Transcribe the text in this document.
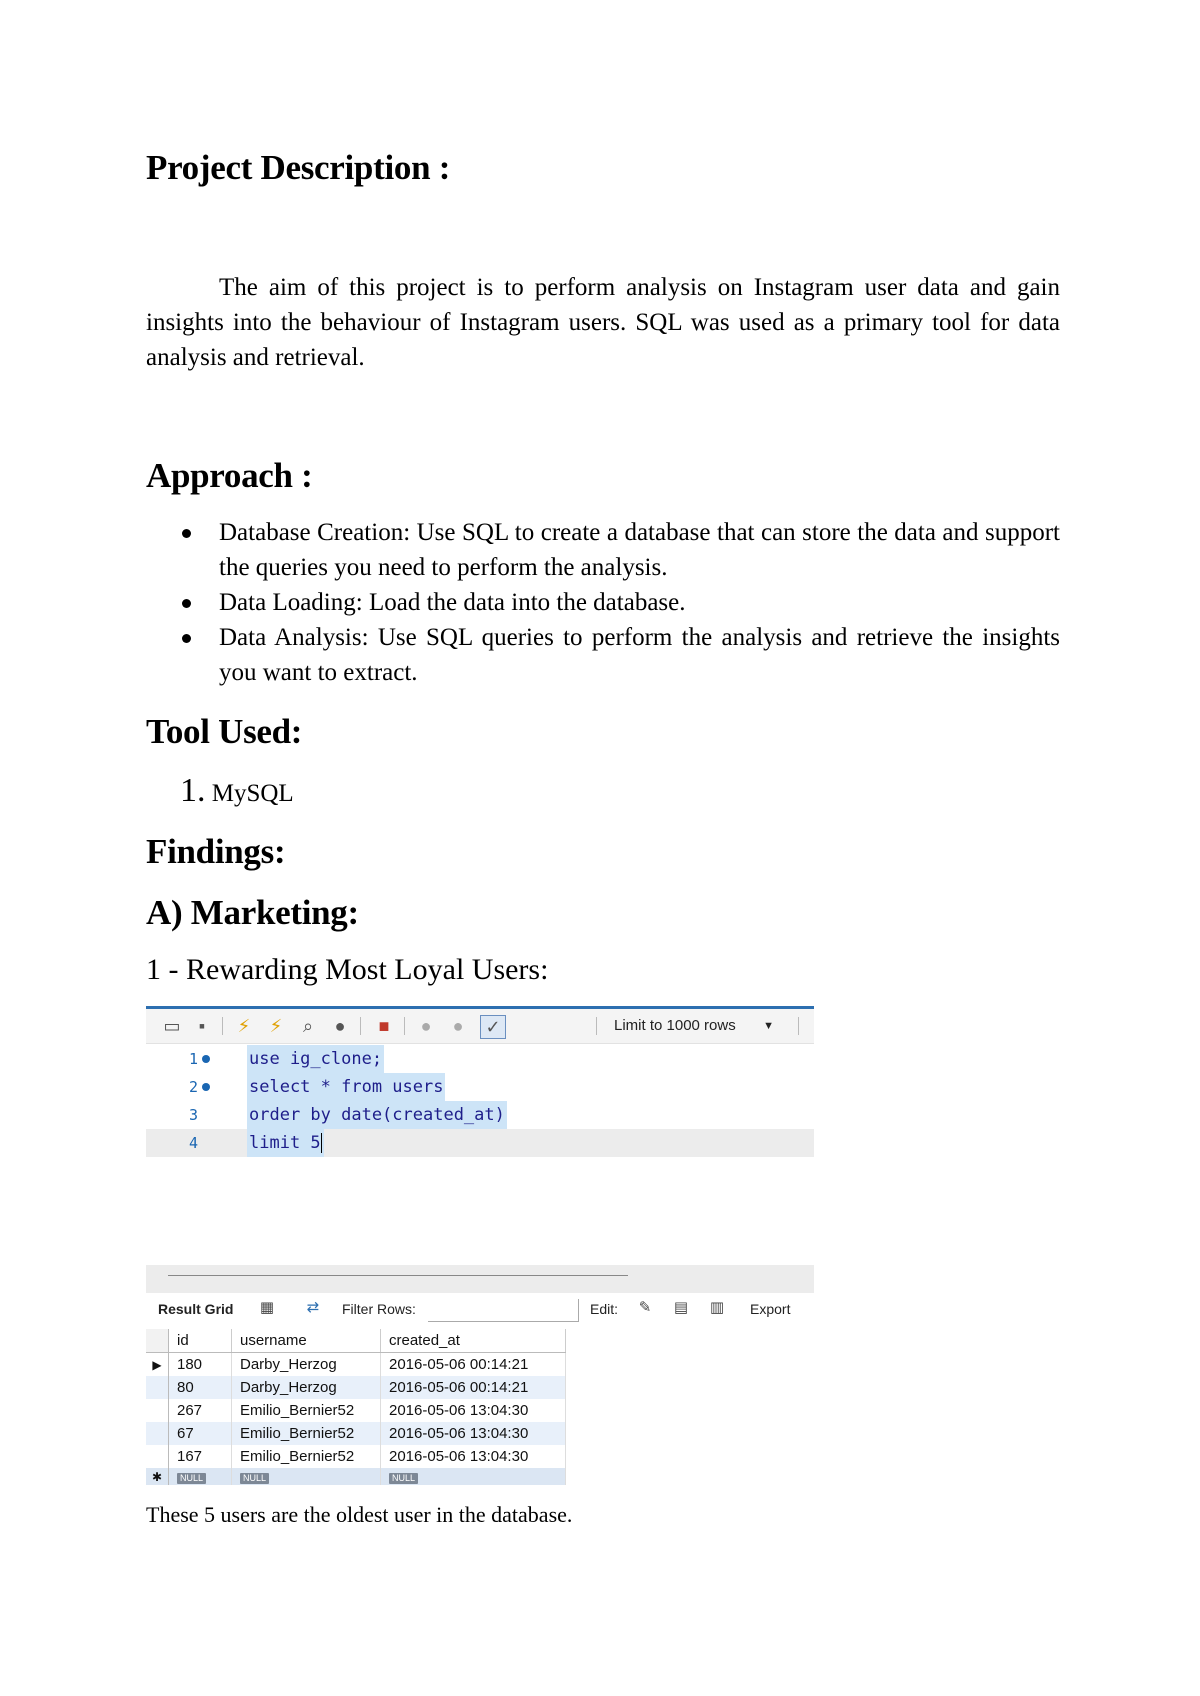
Project Description :
The aim of this project is to perform analysis on Instagram user data and gain insights into the behaviour of Instagram users. SQL was used as a primary tool for data analysis and retrieval.
Approach :
Database Creation: Use SQL to create a database that can store the data and support the queries you need to perform the analysis.
Data Loading: Load the data into the database.
Data Analysis: Use SQL queries to perform the analysis and retrieve the insights you want to extract.
Tool Used:
1. MySQL
Findings:
A) Marketing:
1 - Rewarding Most Loyal Users:
▭	▪	⚡	⚡	⌕	●	■	●	●	✓	Limit to 1000 rows ▼
1	use ig_clone;
2	select * from users
3	order by date(created_at)
4	limit 5
Result Grid ▦	⇄	Filter Rows:	Edit:	✎	▤ ▥ Export
	id	username	created_at
▶	180	Darby_Herzog	2016-05-06 00:14:21
	80	Darby_Herzog	2016-05-06 00:14:21
	267	Emilio_Bernier52	2016-05-06 13:04:30
	67	Emilio_Bernier52	2016-05-06 13:04:30
	167	Emilio_Bernier52	2016-05-06 13:04:30
✱	NULL	NULL	NULL
These 5 users are the oldest user in the database.
